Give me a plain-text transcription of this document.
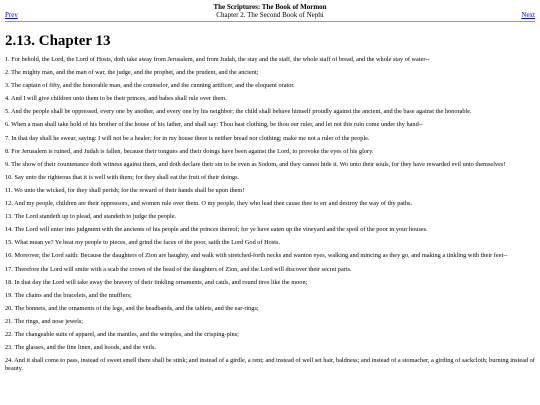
The Scriptures: The Book of Mormon
Prev	Chapter 2. The Second Book of Nephi	Next
2.13. Chapter 13

1. For behold, the Lord, the Lord of Hosts, doth take away from Jerusalem, and from Judah, the stay and the staff, the whole staff of bread, and the whole stay of water--

2. The mighty man, and the man of war, the judge, and the prophet, and the prudent, and the ancient;

3. The captain of fifty, and the honorable man, and the counselor, and the cunning artificer, and the eloquent orator.

4. And I will give children unto them to be their princes, and babes shall rule over them.

5. And the people shall be oppressed, every one by another, and every one by his neighbor; the child shall behave himself proudly against the ancient, and the base against the honorable.

6. When a man shall take hold of his brother of the house of his father, and shall say: Thou hast clothing, be thou our ruler, and let not this ruin come under thy hand--

7. In that day shall he swear, saying: I will not be a healer; for in my house there is neither bread nor clothing; make me not a ruler of the people.

8. For Jerusalem is ruined, and Judah is fallen, because their tongues and their doings have been against the Lord, to provoke the eyes of his glory.

9. The show of their countenance doth witness against them, and doth declare their sin to be even as Sodom, and they cannot hide it. Wo unto their souls, for they have rewarded evil unto themselves!

10. Say unto the righteous that it is well with them; for they shall eat the fruit of their doings.

11. Wo unto the wicked, for they shall perish; for the reward of their hands shall be upon them!

12. And my people, children are their oppressors, and women rule over them. O my people, they who lead thee cause thee to err and destroy the way of thy paths.

13. The Lord standeth up to plead, and standeth to judge the people.

14. The Lord will enter into judgment with the ancients of his people and the princes thereof; for ye have eaten up the vineyard and the spoil of the poor in your houses.

15. What mean ye? Ye beat my people to pieces, and grind the faces of the poor, saith the Lord God of Hosts.

16. Moreover, the Lord saith: Because the daughters of Zion are haughty, and walk with stretched-forth necks and wanton eyes, walking and mincing as they go, and making a tinkling with their feet--

17. Therefore the Lord will smite with a scab the crown of the head of the daughters of Zion, and the Lord will discover their secret parts.

18. In that day the Lord will take away the bravery of their tinkling ornaments, and cauls, and round tires like the moon;

19. The chains and the bracelets, and the mufflers;

20. The bonnets, and the ornaments of the legs, and the headbands, and the tablets, and the ear-rings;

21. The rings, and nose jewels;

22. The changeable suits of apparel, and the mantles, and the wimples, and the crisping-pins;

23. The glasses, and the fine linen, and hoods, and the veils.

24. And it shall come to pass, instead of sweet smell there shall be stink; and instead of a girdle, a rent; and instead of well set hair, baldness; and instead of a stomacher, a girding of sackcloth; burning instead of beauty.
